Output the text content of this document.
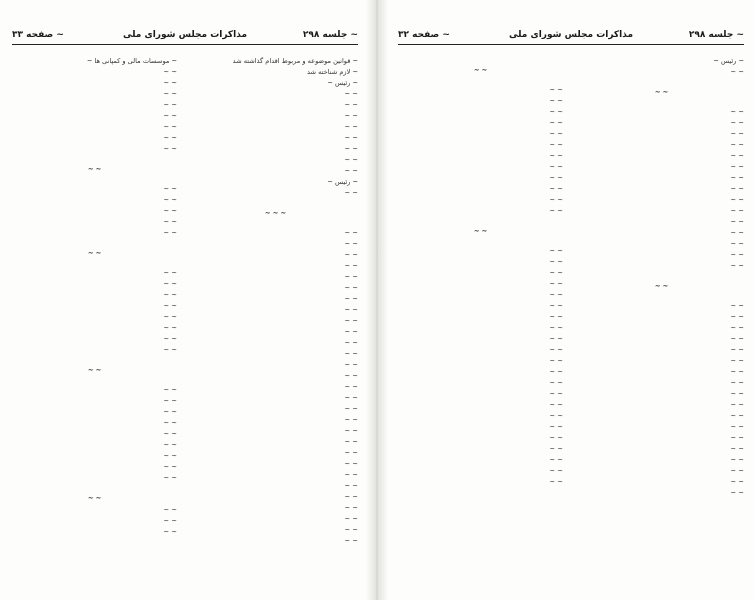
~ جلسه ۲۹۸
مذاکرات مجلس شورای ملی
~ صفحه ۳۳
~ قوانین موضوعه و مربوط اقدام گذاشته شد
~ لازم شناخته شد
~ رئیس ~
~ ~
~ ~
~ ~
~ ~
~ ~
~ ~
~ ~
~ ~
~ رئیس ~
~ ~
~ ~ ~
~ ~
~ ~
~ ~
~ ~
~ ~
~ ~
~ ~
~ ~
~ ~
~ ~
~ ~
~ ~
~ ~
~ ~
~ ~
~ ~
~ ~
~ ~
~ ~
~ ~
~ ~
~ ~
~ ~
~ ~
~ ~
~ ~
~ ~
~ ~
~ ~
~ موسسات مالی و کمپانی ها ~
~ ~
~ ~
~ ~
~ ~
~ ~
~ ~
~ ~
~ ~
~ ~
~ ~
~ ~
~ ~
~ ~
~ ~
~ ~
~ ~
~ ~
~ ~
~ ~
~ ~
~ ~
~ ~
~ ~
~ ~
~ ~
~ ~
~ ~
~ ~
~ ~
~ ~
~ ~
~ ~
~ ~
~ ~
~ ~
~ ~
~ ~
~ جلسه ۲۹۸
مذاکرات مجلس شورای ملی
~ صفحه ۳۲
~ رئیس ~
~ ~
~ ~
~ ~
~ ~
~ ~
~ ~
~ ~
~ ~
~ ~
~ ~
~ ~
~ ~
~ ~
~ ~
~ ~
~ ~
~ ~
~ ~
~ ~
~ ~
~ ~
~ ~
~ ~
~ ~
~ ~
~ ~
~ ~
~ ~
~ ~
~ ~
~ ~
~ ~
~ ~
~ ~
~ ~
~ ~
~ ~
~ ~
~ ~
~ ~
~ ~
~ ~
~ ~
~ ~
~ ~
~ ~
~ ~
~ ~
~ ~
~ ~
~ ~
~ ~
~ ~
~ ~
~ ~
~ ~
~ ~
~ ~
~ ~
~ ~
~ ~
~ ~
~ ~
~ ~
~ ~
~ ~
~ ~
~ ~
~ ~
~ ~
~ ~
~ ~
